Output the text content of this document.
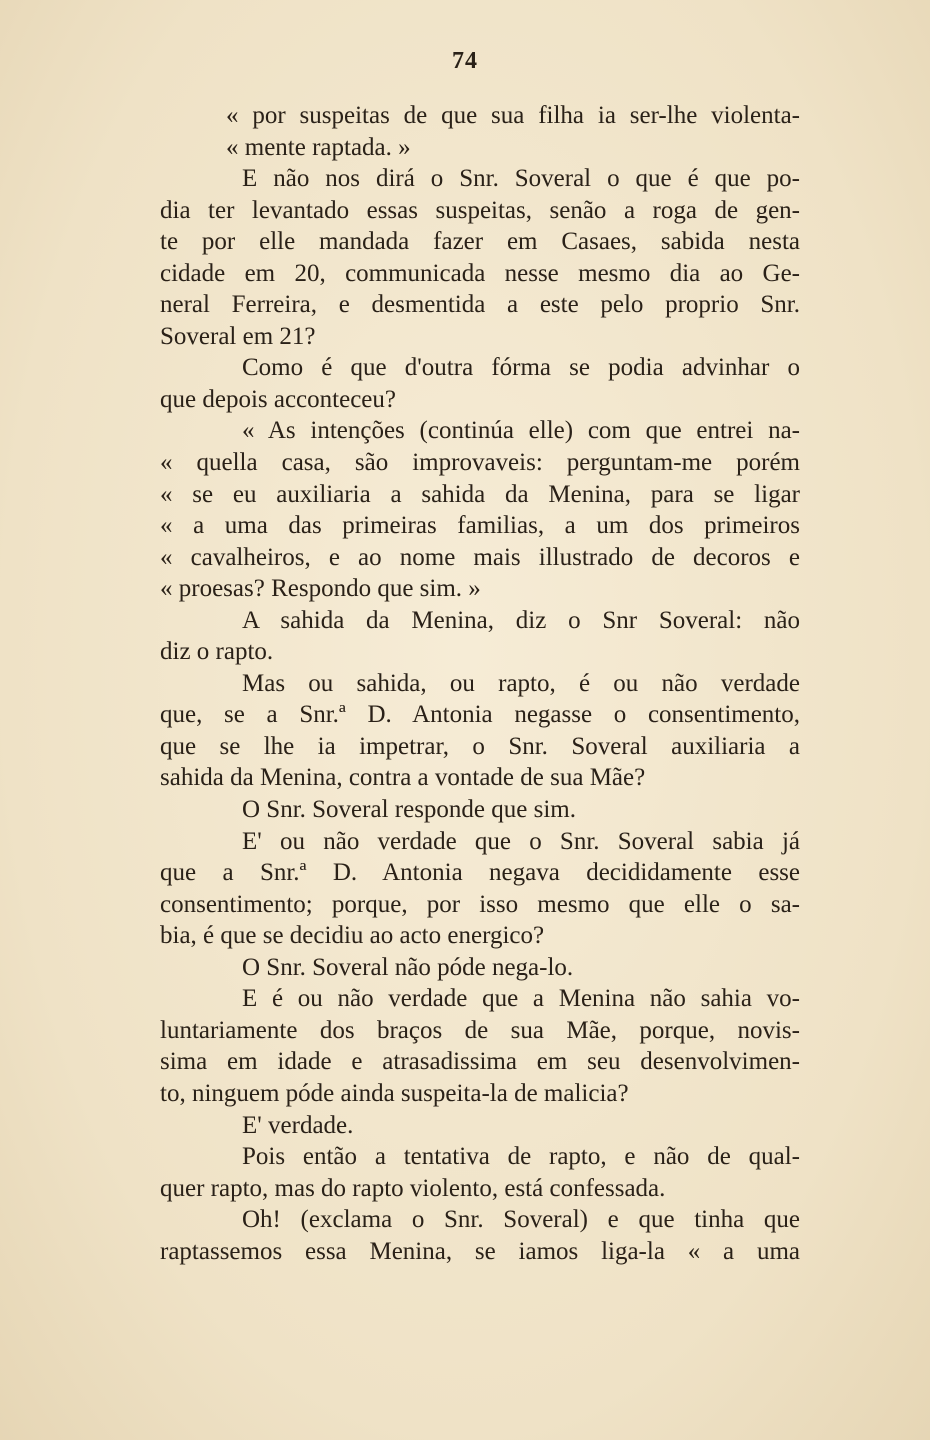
74
« por suspeitas de que sua filha ia ser-lhe violenta-
« mente raptada. »
E não nos dirá o Snr. Soveral o que é que po-
dia ter levantado essas suspeitas, senão a roga de gen-
te por elle mandada fazer em Casaes, sabida nesta
cidade em 20, communicada nesse mesmo dia ao Ge-
neral Ferreira, e desmentida a este pelo proprio Snr.
Soveral em 21?
Como é que d'outra fórma se podia advinhar o
que depois acconteceu?
« As intenções (continúa elle) com que entrei na-
« quella casa, são improvaveis: perguntam-me porém
« se eu auxiliaria a sahida da Menina, para se ligar
« a uma das primeiras familias, a um dos primeiros
« cavalheiros, e ao nome mais illustrado de decoros e
« proesas? Respondo que sim. »
A sahida da Menina, diz o Snr Soveral: não
diz o rapto.
Mas ou sahida, ou rapto, é ou não verdade
que, se a Snr.ª D. Antonia negasse o consentimento,
que se lhe ia impetrar, o Snr. Soveral auxiliaria a
sahida da Menina, contra a vontade de sua Mãe?
O Snr. Soveral responde que sim.
E' ou não verdade que o Snr. Soveral sabia já
que a Snr.ª D. Antonia negava decididamente esse
consentimento; porque, por isso mesmo que elle o sa-
bia, é que se decidiu ao acto energico?
O Snr. Soveral não póde nega-lo.
E é ou não verdade que a Menina não sahia vo-
luntariamente dos braços de sua Mãe, porque, novis-
sima em idade e atrasadissima em seu desenvolvimen-
to, ninguem póde ainda suspeita-la de malicia?
E' verdade.
Pois então a tentativa de rapto, e não de qual-
quer rapto, mas do rapto violento, está confessada.
Oh! (exclama o Snr. Soveral) e que tinha que
raptassemos essa Menina, se iamos liga-la « a uma
